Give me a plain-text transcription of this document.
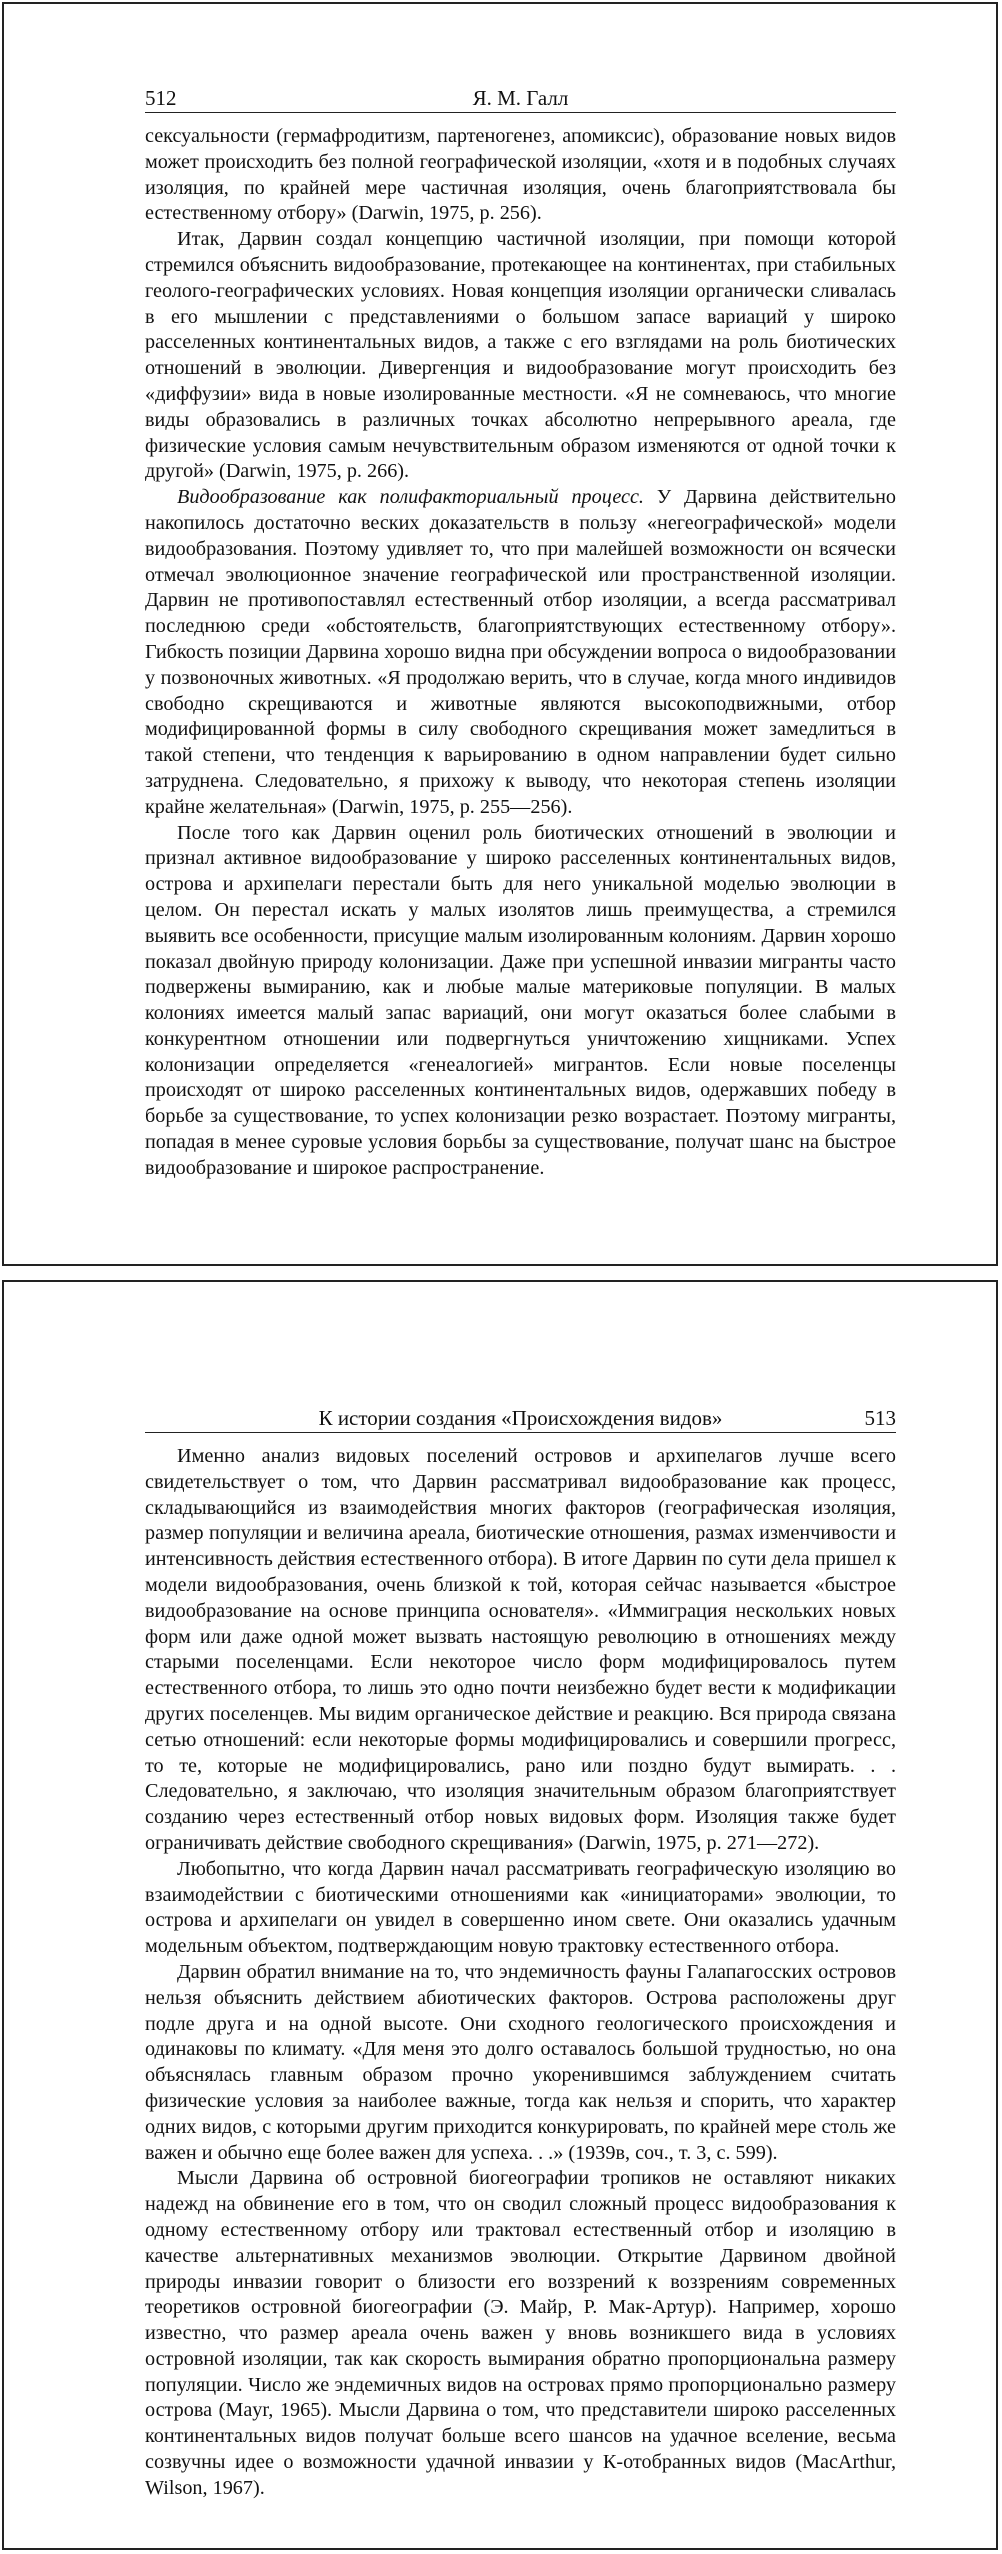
512	Я. М. Галл

сексуальности (гермафродитизм, партеногенез, апомиксис), образование новых видов может происходить без полной географической изоляции, «хотя и в подобных случаях изоляция, по крайней мере частичная изоляция, очень благоприятствовала бы естественному отбору» (Darwin, 1975, p. 256).

Итак, Дарвин создал концепцию частичной изоляции, при помощи которой стремился объяснить видообразование, протекающее на континентах, при стабильных геолого-географических условиях. Новая концепция изоляции органически сливалась в его мышлении с представлениями о большом запасе вариаций у широко расселенных континентальных видов, а также с его взглядами на роль биотических отношений в эволюции. Дивергенция и видообразование могут происходить без «диффузии» вида в новые изолированные местности. «Я не сомневаюсь, что многие виды образовались в различных точках абсолютно непрерывного ареала, где физические условия самым нечувствительным образом изменяются от одной точки к другой» (Darwin, 1975, p. 266).

Видообразование как полифакториальный процесс. У Дарвина действительно накопилось достаточно веских доказательств в пользу «негеографической» модели видообразования. Поэтому удивляет то, что при малейшей возможности он всячески отмечал эволюционное значение географической или пространственной изоляции. Дарвин не противопоставлял естественный отбор изоляции, а всегда рассматривал последнюю среди «обстоятельств, благоприятствующих естественному отбору». Гибкость позиции Дарвина хорошо видна при обсуждении вопроса о видообразовании у позвоночных животных. «Я продолжаю верить, что в случае, когда много индивидов свободно скрещиваются и животные являются высокоподвижными, отбор модифицированной формы в силу свободного скрещивания может замедлиться в такой степени, что тенденция к варьированию в одном направлении будет сильно затруднена. Следовательно, я прихожу к выводу, что некоторая степень изоляции крайне желательная» (Darwin, 1975, p. 255—256).

После того как Дарвин оценил роль биотических отношений в эволюции и признал активное видообразование у широко расселенных континентальных видов, острова и архипелаги перестали быть для него уникальной моделью эволюции в целом. Он перестал искать у малых изолятов лишь преимущества, а стремился выявить все особенности, присущие малым изолированным колониям. Дарвин хорошо показал двойную природу колонизации. Даже при успешной инвазии мигранты часто подвержены вымиранию, как и любые малые материковые популяции. В малых колониях имеется малый запас вариаций, они могут оказаться более слабыми в конкурентном отношении или подвергнуться уничтожению хищниками. Успех колонизации определяется «генеалогией» мигрантов. Если новые поселенцы происходят от широко расселенных континентальных видов, одержавших победу в борьбе за существование, то успех колонизации резко возрастает. Поэтому мигранты, попадая в менее суровые условия борьбы за существование, получат шанс на быстрое видообразование и широкое распространение.

К истории создания «Происхождения видов»	513

Именно анализ видовых поселений островов и архипелагов лучше всего свидетельствует о том, что Дарвин рассматривал видообразование как процесс, складывающийся из взаимодействия многих факторов (географическая изоляция, размер популяции и величина ареала, биотические отношения, размах изменчивости и интенсивность действия естественного отбора). В итоге Дарвин по сути дела пришел к модели видообразования, очень близкой к той, которая сейчас называется «быстрое видообразование на основе принципа основателя». «Иммиграция нескольких новых форм или даже одной может вызвать настоящую революцию в отношениях между старыми поселенцами. Если некоторое число форм модифицировалось путем естественного отбора, то лишь это одно почти неизбежно будет вести к модификации других поселенцев. Мы видим органическое действие и реакцию. Вся природа связана сетью отношений: если некоторые формы модифицировались и совершили прогресс, то те, которые не модифицировались, рано или поздно будут вымирать. . . Следовательно, я заключаю, что изоляция значительным образом благоприятствует созданию через естественный отбор новых видовых форм. Изоляция также будет ограничивать действие свободного скрещивания» (Darwin, 1975, p. 271—272).

Любопытно, что когда Дарвин начал рассматривать географическую изоляцию во взаимодействии с биотическими отношениями как «инициаторами» эволюции, то острова и архипелаги он увидел в совершенно ином свете. Они оказались удачным модельным объектом, подтверждающим новую трактовку естественного отбора.

Дарвин обратил внимание на то, что эндемичность фауны Галапагосских островов нельзя объяснить действием абиотических факторов. Острова расположены друг подле друга и на одной высоте. Они сходного геологического происхождения и одинаковы по климату. «Для меня это долго оставалось большой трудностью, но она объяснялась главным образом прочно укоренившимся заблуждением считать физические условия за наиболее важные, тогда как нельзя и спорить, что характер одних видов, с которыми другим приходится конкурировать, по крайней мере столь же важен и обычно еще более важен для успеха. . .» (1939в, соч., т. 3, с. 599).

Мысли Дарвина об островной биогеографии тропиков не оставляют никаких надежд на обвинение его в том, что он сводил сложный процесс видообразования к одному естественному отбору или трактовал естественный отбор и изоляцию в качестве альтернативных механизмов эволюции. Открытие Дарвином двойной природы инвазии говорит о близости его воззрений к воззрениям современных теоретиков островной биогеографии (Э. Майр, Р. Мак-Артур). Например, хорошо известно, что размер ареала очень важен у вновь возникшего вида в условиях островной изоляции, так как скорость вымирания обратно пропорциональна размеру популяции. Число же эндемичных видов на островах прямо пропорционально размеру острова (Mayr, 1965). Мысли Дарвина о том, что представители широко расселенных континентальных видов получат больше всего шансов на удачное вселение, весьма созвучны идее о возможности удачной инвазии у К-отобранных видов (MacArthur, Wilson, 1967).
